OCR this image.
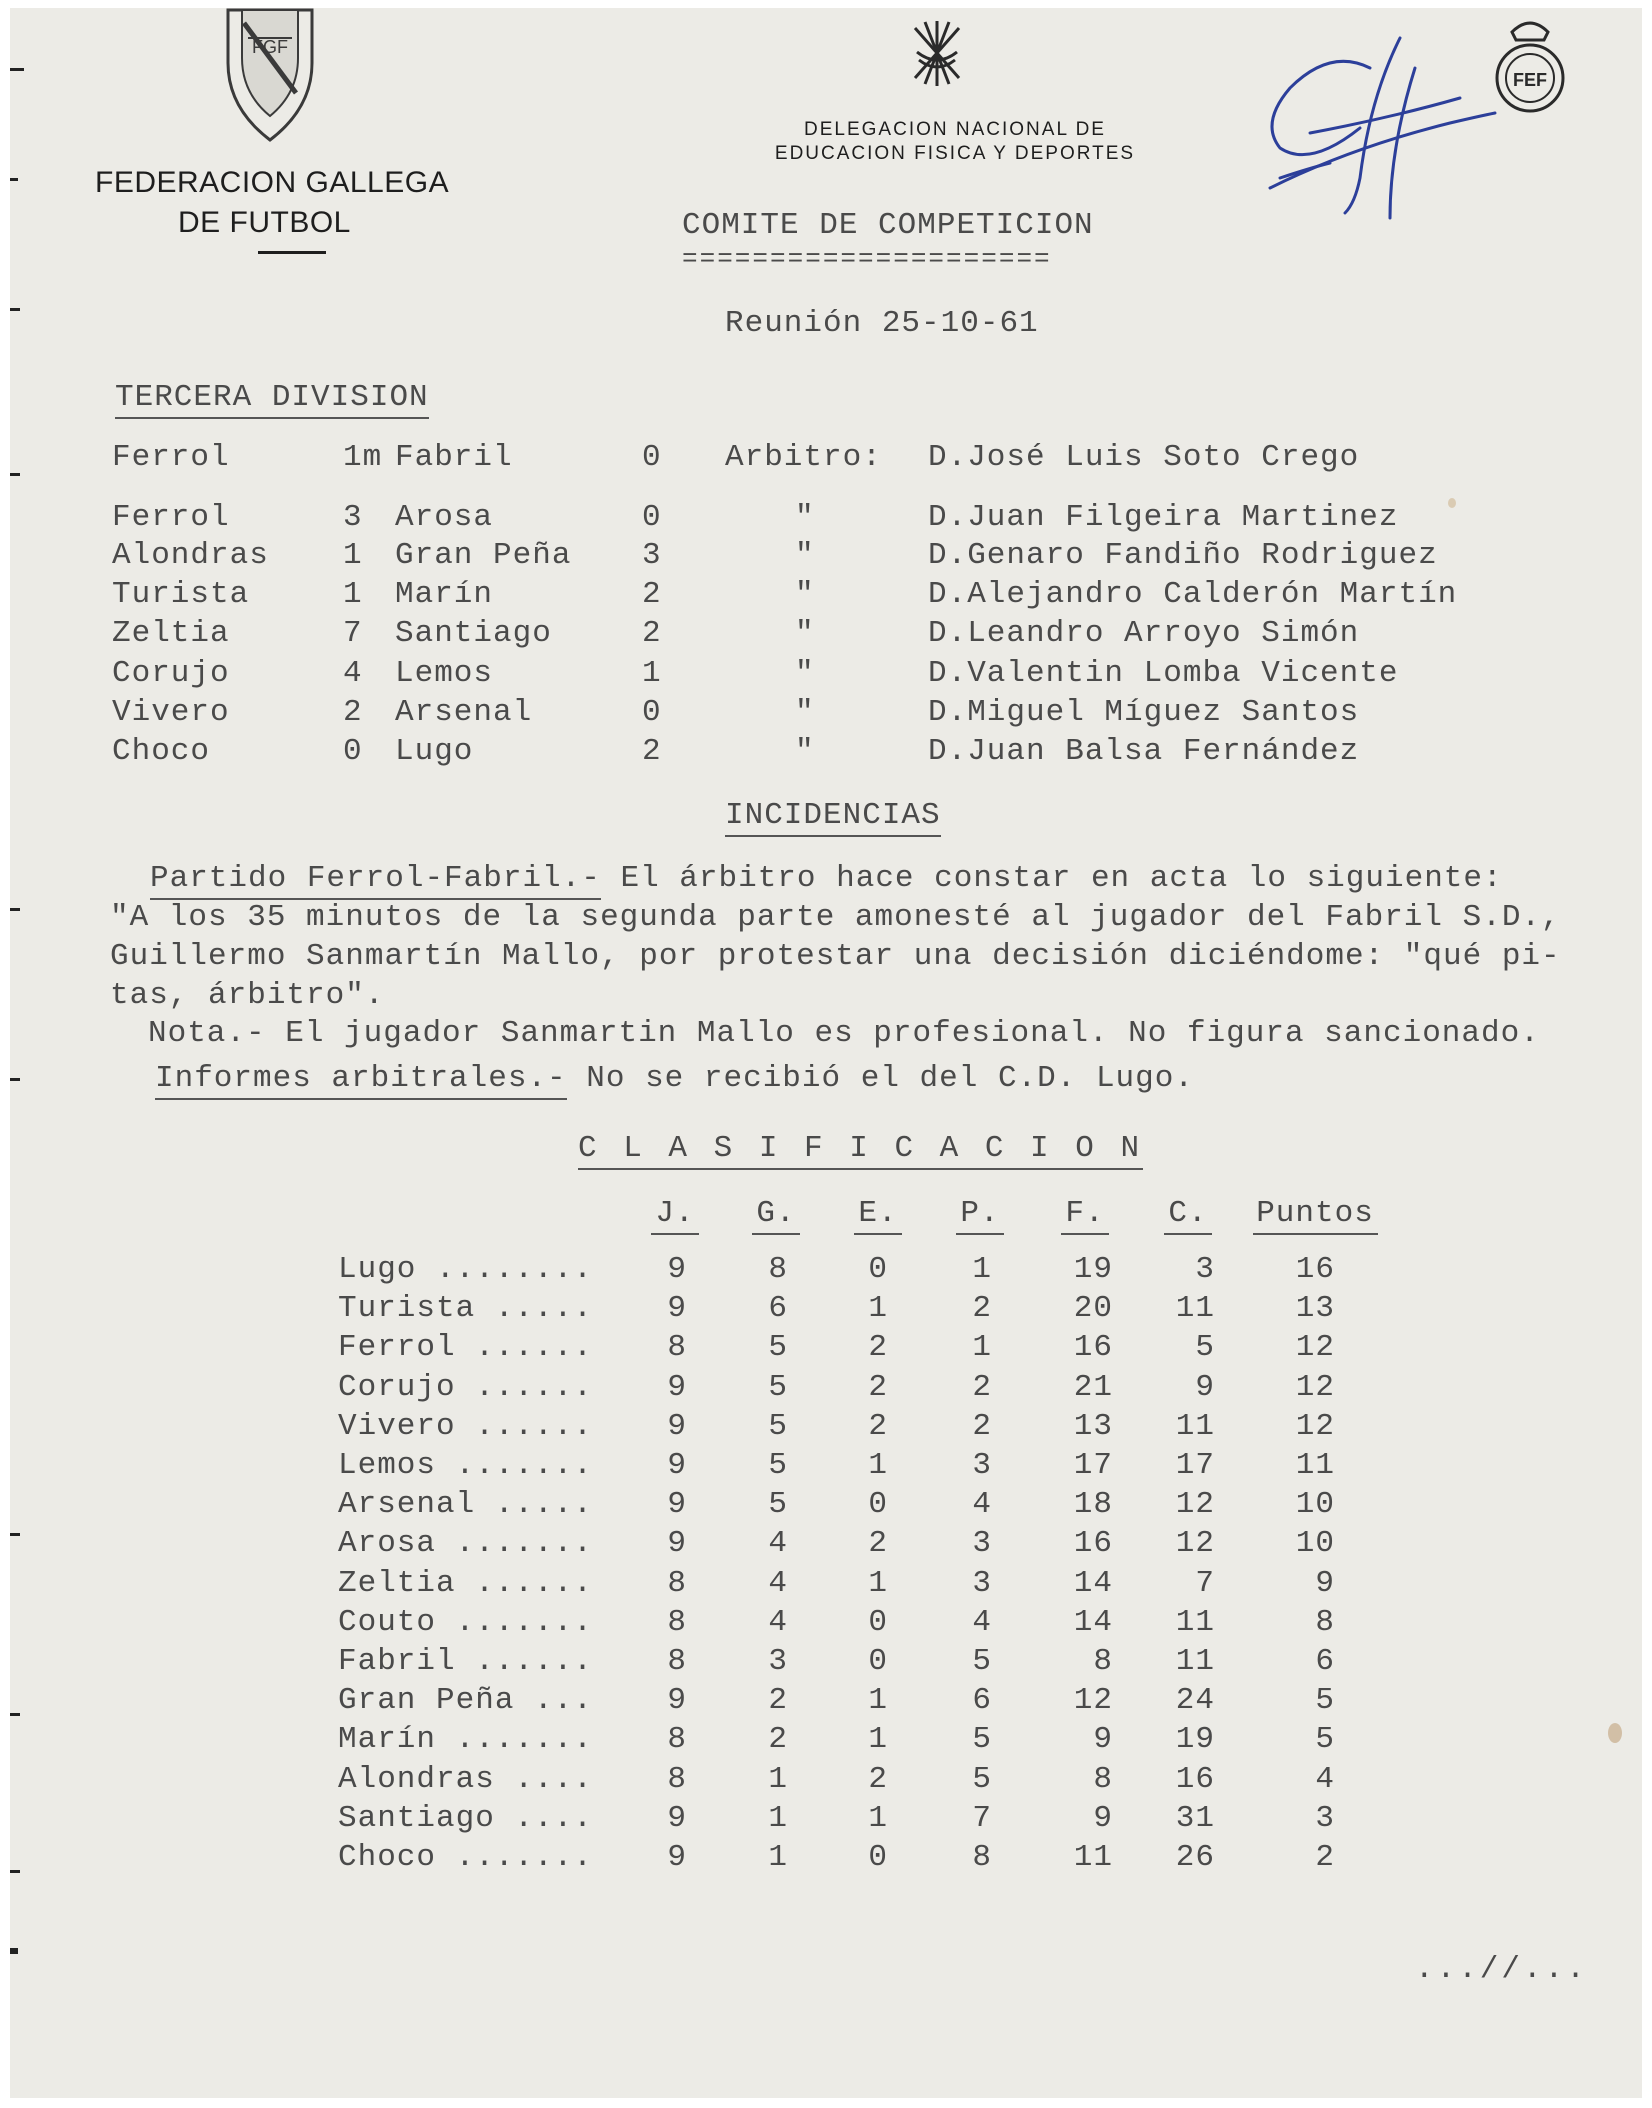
FGF
FEDERACION GALLEGA
DE FUTBOL
DELEGACION NACIONAL DE
EDUCACION FISICA Y DEPORTES
COMITE DE COMPETICION
=====================
Reunión 25-10-61
FEF
TERCERA DIVISION
Ferrol	1m Fabril	0 Arbitro: D.José Luis Soto Crego
Ferrol	3 Arosa	0	"	D.Juan Filgeira Martinez
Alondras 1 Gran Peña 3	"	D.Genaro Fandiño Rodriguez
Turista	1 Marín	2	"	D.Alejandro Calderón Martín
Zeltia	7 Santiago	2	"	D.Leandro Arroyo Simón
Corujo	4 Lemos	1	"	D.Valentin Lomba Vicente
Vivero	2 Arsenal	0	"	D.Miguel Míguez Santos
Choco	0 Lugo	2	"	D.Juan Balsa Fernández
INCIDENCIAS
Partido Ferrol-Fabril.- El árbitro hace constar en acta lo siguiente:
"A los 35 minutos de la segunda parte amonesté al jugador del Fabril S.D.,
Guillermo Sanmartín Mallo, por protestar una decisión diciéndome: "qué pi-
tas, árbitro".
Nota.- El jugador Sanmartin Mallo es profesional. No figura sancionado.
Informes arbitrales.- No se recibió el del C.D. Lugo.
C L A S I F I C A C I O N
J. G. E. P. F. C. Puntos
Lugo ........	9	8	0	1	19	3	16
Turista .....	9	6	1	2	20	11	13
Ferrol ......	8	5	2	1	16	5	12
Corujo ......	9	5	2	2	21	9	12
Vivero ......	9	5	2	2	13	11	12
Lemos .......	9	5	1	3	17	17	11
Arsenal .....	9	5	0	4	18	12	10
Arosa .......	9	4	2	3	16	12	10
Zeltia ......	8	4	1	3	14	7	9
Couto .......	8	4	0	4	14	11	8
Fabril ......	8	3	0	5	8	11	6
Gran Peña ...	9	2	1	6	12	24	5
Marín .......	8	2	1	5	9	19	5
Alondras ....	8	1	2	5	8	16	4
Santiago ....	9	1	1	7	9	31	3
Choco .......	9	1	0	8	11	26	2
...//...
